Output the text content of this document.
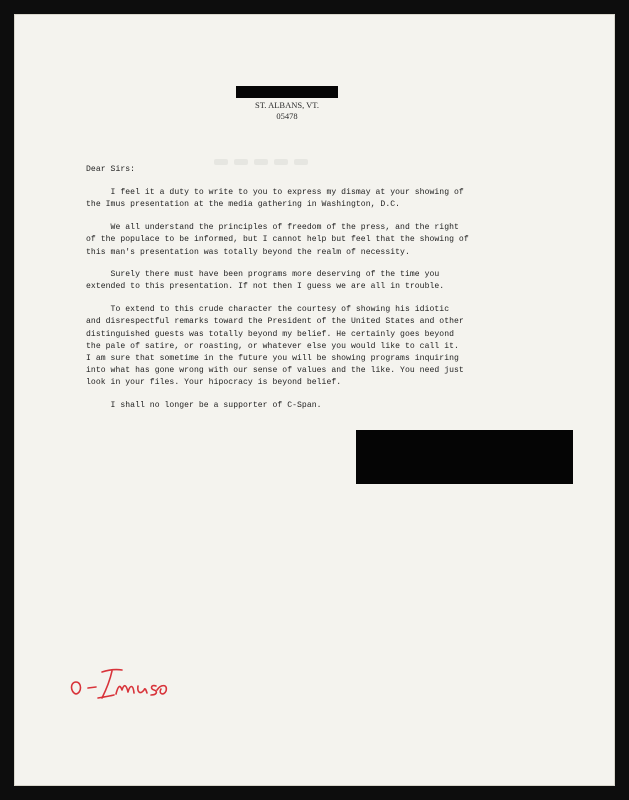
ST. ALBANS, VT.
05478

Dear Sirs:

I feel it a duty to write to you to express my dismay at your showing of
the Imus presentation at the media gathering in Washington, D.C.
We all understand the principles of freedom of the press, and the right
of the populace to be informed, but I cannot help but feel that the showing of
this man's presentation was totally beyond the realm of necessity.
Surely there must have been programs more deserving of the time you
extended to this presentation. If not then I guess we are all in trouble.
To extend to this crude character the courtesy of showing his idiotic
and disrespectful remarks toward the President of the United States and other
distinguished guests was totally beyond my belief. He certainly goes beyond
the pale of satire, or roasting, or whatever else you would like to call it.
I am sure that sometime in the future you will be showing programs inquiring
into what has gone wrong with our sense of values and the like. You need just
look in your files. Your hipocracy is beyond belief.

I shall no longer be a supporter of C-Span.
